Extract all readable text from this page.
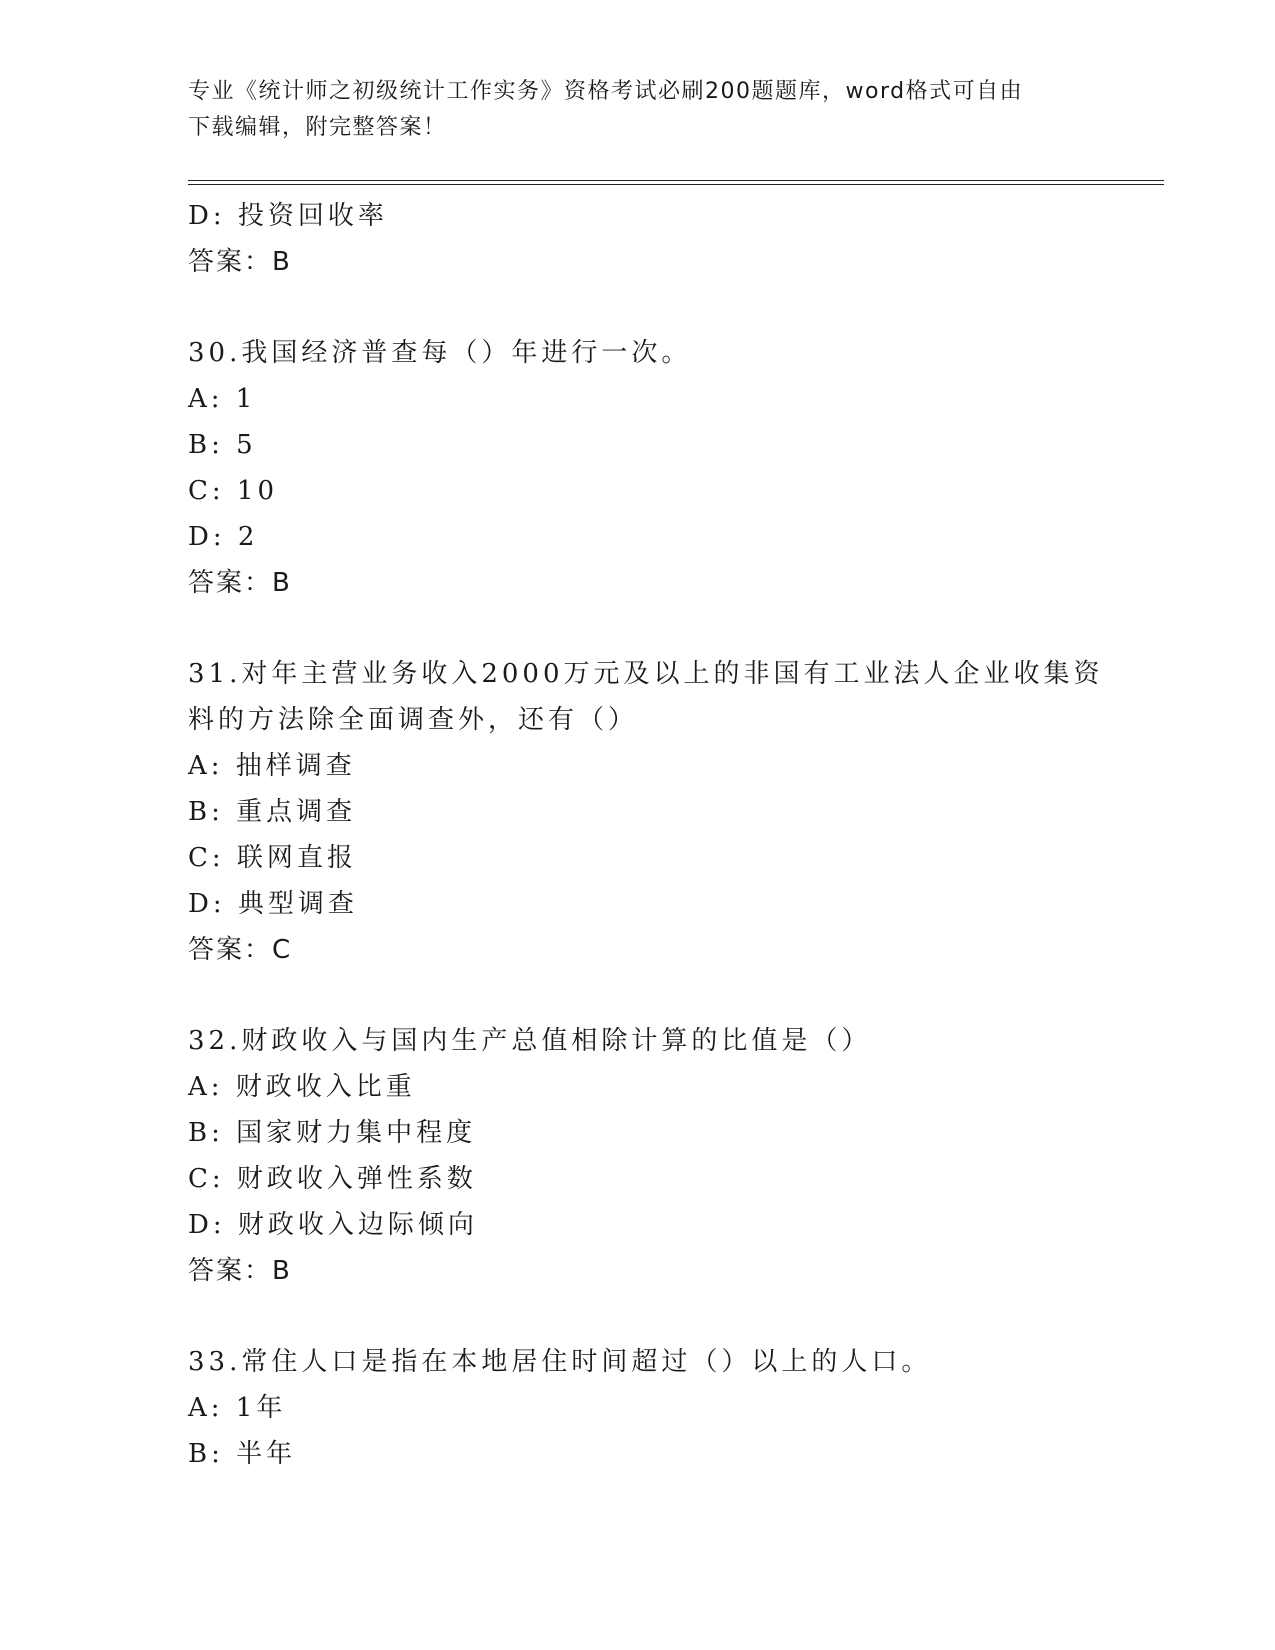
专业《统计师之初级统计工作实务》资格考试必刷200题题库，word格式可自由
下载编辑，附完整答案！
D: 投资回收率
答案：B
30.我国经济普查每（）年进行一次。
A: 1
B: 5
C: 10
D: 2
答案：B
31.对年主营业务收入2000万元及以上的非国有工业法人企业收集资
料的方法除全面调查外，还有（）
A: 抽样调查
B: 重点调查
C: 联网直报
D: 典型调查
答案：C
32.财政收入与国内生产总值相除计算的比值是（）
A: 财政收入比重
B: 国家财力集中程度
C: 财政收入弹性系数
D: 财政收入边际倾向
答案：B
33.常住人口是指在本地居住时间超过（）以上的人口。
A: 1年
B: 半年
